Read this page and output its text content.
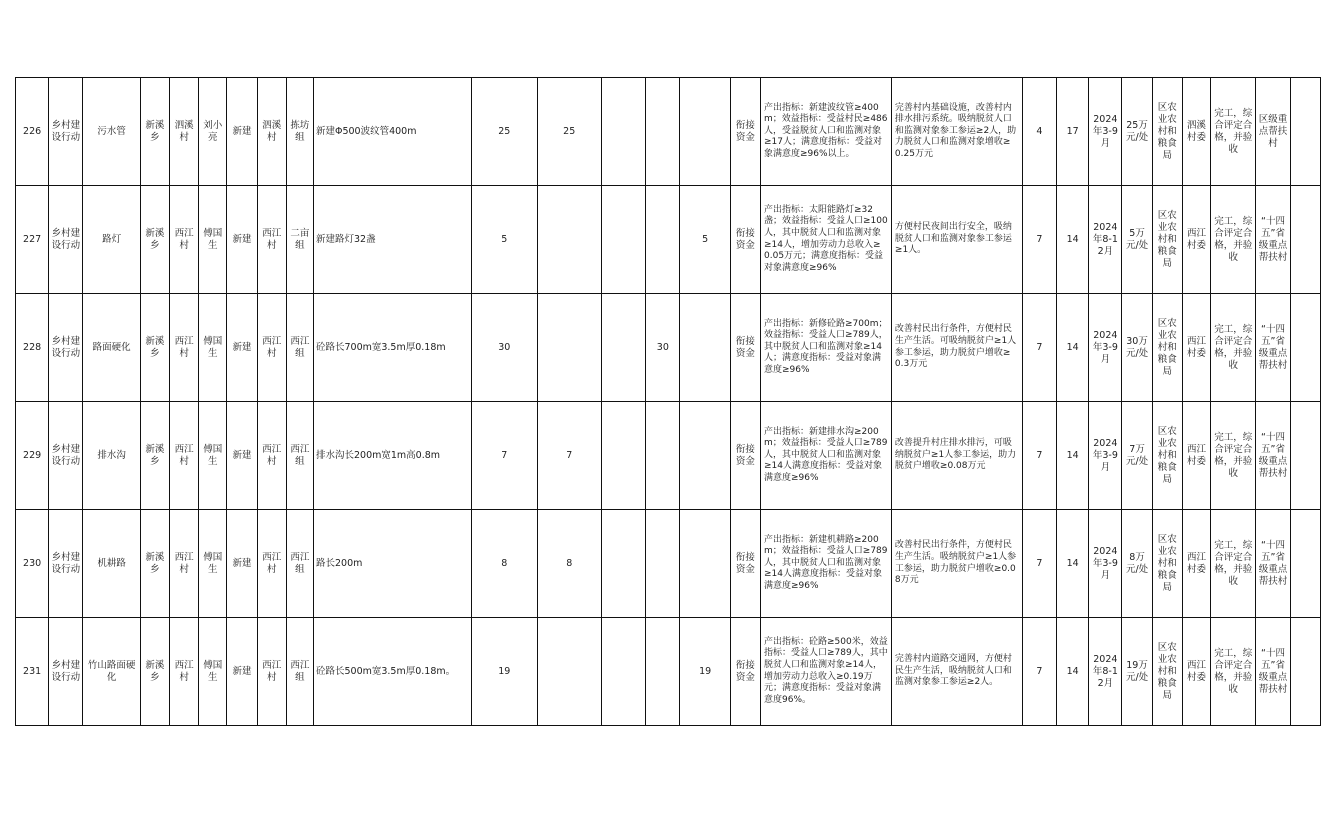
226	乡村建设行动	污水管	新溪乡	泗溪村	刘小亮	新建	泗溪村	拣坊组	新建Φ500波纹管400m	25	25				衔接资金	产出指标：新建波纹管≥400m；效益指标：受益村民≥486人，受益脱贫人口和监测对象≥17人；满意度指标：受益对象满意度≥96%以上。	完善村内基础设施，改善村内排水排污系统。吸纳脱贫人口和监测对象参工参运≥2人，助力脱贫人口和监测对象增收≥0.25万元	4	17	2024年3-9月	25万元/处	区农业农村和粮食局	泗溪村委	完工，综合评定合格，并验收	区级重点帮扶村	
227	乡村建设行动	路灯	新溪乡	西江村	傅国生	新建	西江村	二亩组	新建路灯32盏	5				5	衔接资金	产出指标：太阳能路灯≥32盏；效益指标：受益人口≥100人，其中脱贫人口和监测对象≥14人，增加劳动力总收入≥0.05万元；满意度指标：受益对象满意度≥96%	方便村民夜间出行安全，吸纳脱贫人口和监测对象参工参运≥1人。	7	14	2024年8-12月	5万元/处	区农业农村和粮食局	西江村委	完工，综合评定合格，并验收	“十四五”省级重点帮扶村	
228	乡村建设行动	路面硬化	新溪乡	西江村	傅国生	新建	西江村	西江组	砼路长700m宽3.5m厚0.18m	30			30		衔接资金	产出指标：新修砼路≥700m；效益指标：受益人口≥789人，其中脱贫人口和监测对象≥14人；满意度指标：受益对象满意度≥96%	改善村民出行条件，方便村民生产生活。可吸纳脱贫户≥1人参工参运，助力脱贫户增收≥0.3万元	7	14	2024年3-9月	30万元/处	区农业农村和粮食局	西江村委	完工，综合评定合格，并验收	“十四五”省级重点帮扶村	
229	乡村建设行动	排水沟	新溪乡	西江村	傅国生	新建	西江村	西江组	排水沟长200m宽1m高0.8m	7	7				衔接资金	产出指标：新建排水沟≥200m；效益指标：受益人口≥789人，其中脱贫人口和监测对象≥14人满意度指标：受益对象满意度≥96%	改善提升村庄排水排污，可吸纳脱贫户≥1人参工参运，助力脱贫户增收≥0.08万元	7	14	2024年3-9月	7万元/处	区农业农村和粮食局	西江村委	完工，综合评定合格，并验收	“十四五”省级重点帮扶村	
230	乡村建设行动	机耕路	新溪乡	西江村	傅国生	新建	西江村	西江组	路长200m	8	8				衔接资金	产出指标：新建机耕路≥200m；效益指标：受益人口≥789人，其中脱贫人口和监测对象≥14人满意度指标：受益对象满意度≥96%	改善村民出行条件，方便村民生产生活。吸纳脱贫户≥1人参工参运，助力脱贫户增收≥0.08万元	7	14	2024年3-9月	8万元/处	区农业农村和粮食局	西江村委	完工，综合评定合格，并验收	“十四五”省级重点帮扶村	
231	乡村建设行动	竹山路面硬化	新溪乡	西江村	傅国生	新建	西江村	西江组	砼路长500m宽3.5m厚0.18m。	19				19	衔接资金	产出指标：砼路≥500米，效益指标：受益人口≥789人，其中脱贫人口和监测对象≥14人，增加劳动力总收入≥0.19万元；满意度指标：受益对象满意度96%。	完善村内道路交通网，方便村民生产生活，吸纳脱贫人口和监测对象参工参运≥2人。	7	14	2024年8-12月	19万元/处	区农业农村和粮食局	西江村委	完工，综合评定合格，并验收	“十四五”省级重点帮扶村	
